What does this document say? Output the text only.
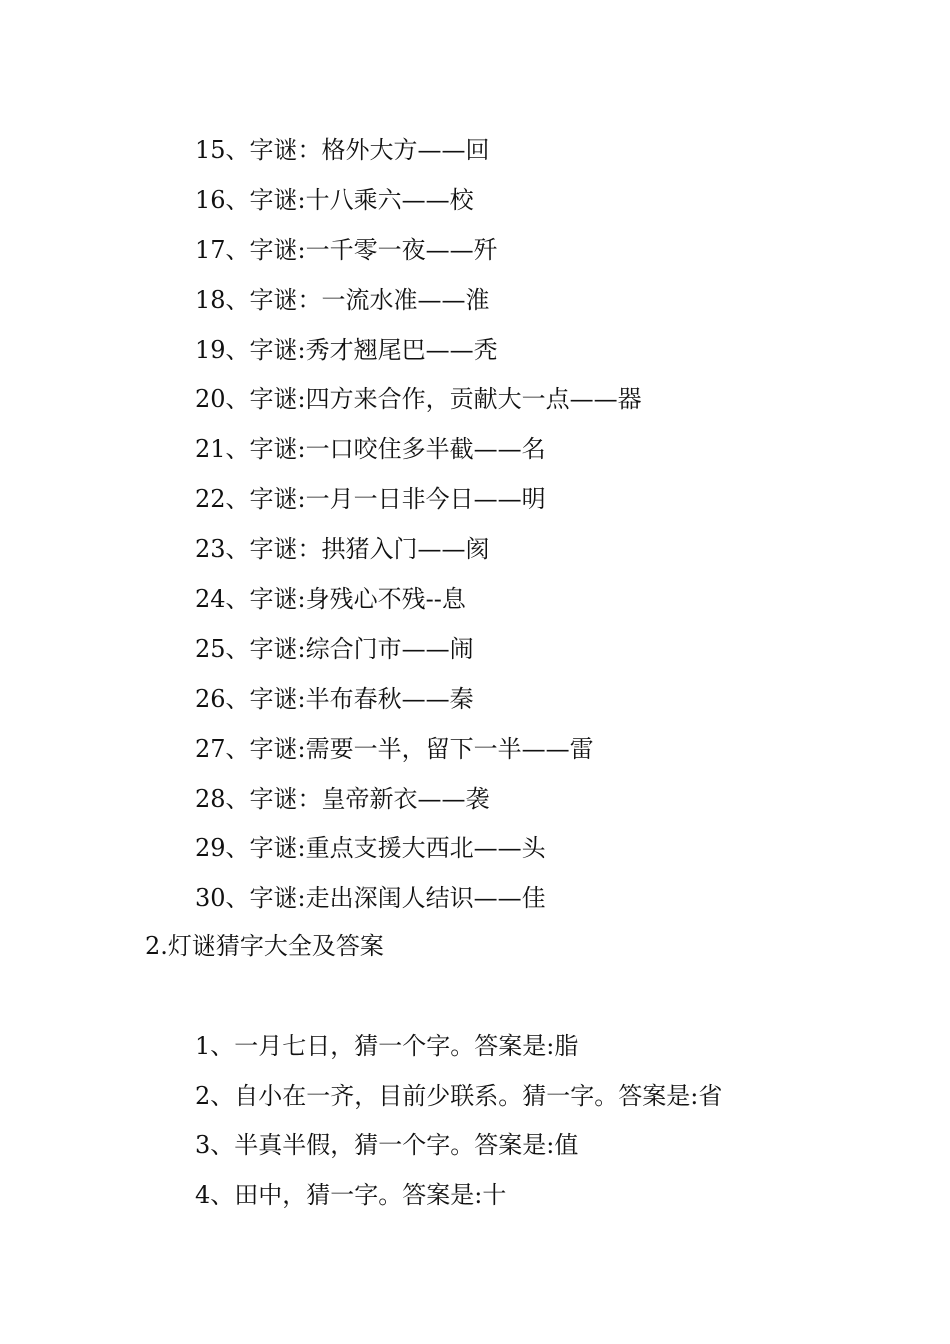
15、字谜：格外大方——回
16、字谜:十八乘六——校
17、字谜:一千零一夜——歼
18、字谜：一流水准——淮
19、字谜:秀才翘尾巴——秃
20、字谜:四方来合作，贡献大一点——器
21、字谜:一口咬住多半截——名
22、字谜:一月一日非今日——明
23、字谜：拱猪入门——阂
24、字谜:身残心不残--息
25、字谜:综合门市——闹
26、字谜:半布春秋——秦
27、字谜:需要一半，留下一半——雷
28、字谜：皇帝新衣——袭
29、字谜:重点支援大西北——头
30、字谜:走出深闺人结识——佳
2.灯谜猜字大全及答案
1、一月七日，猜一个字。答案是:脂
2、自小在一齐，目前少联系。猜一字。答案是:省
3、半真半假，猜一个字。答案是:值
4、田中，猜一字。答案是:十
